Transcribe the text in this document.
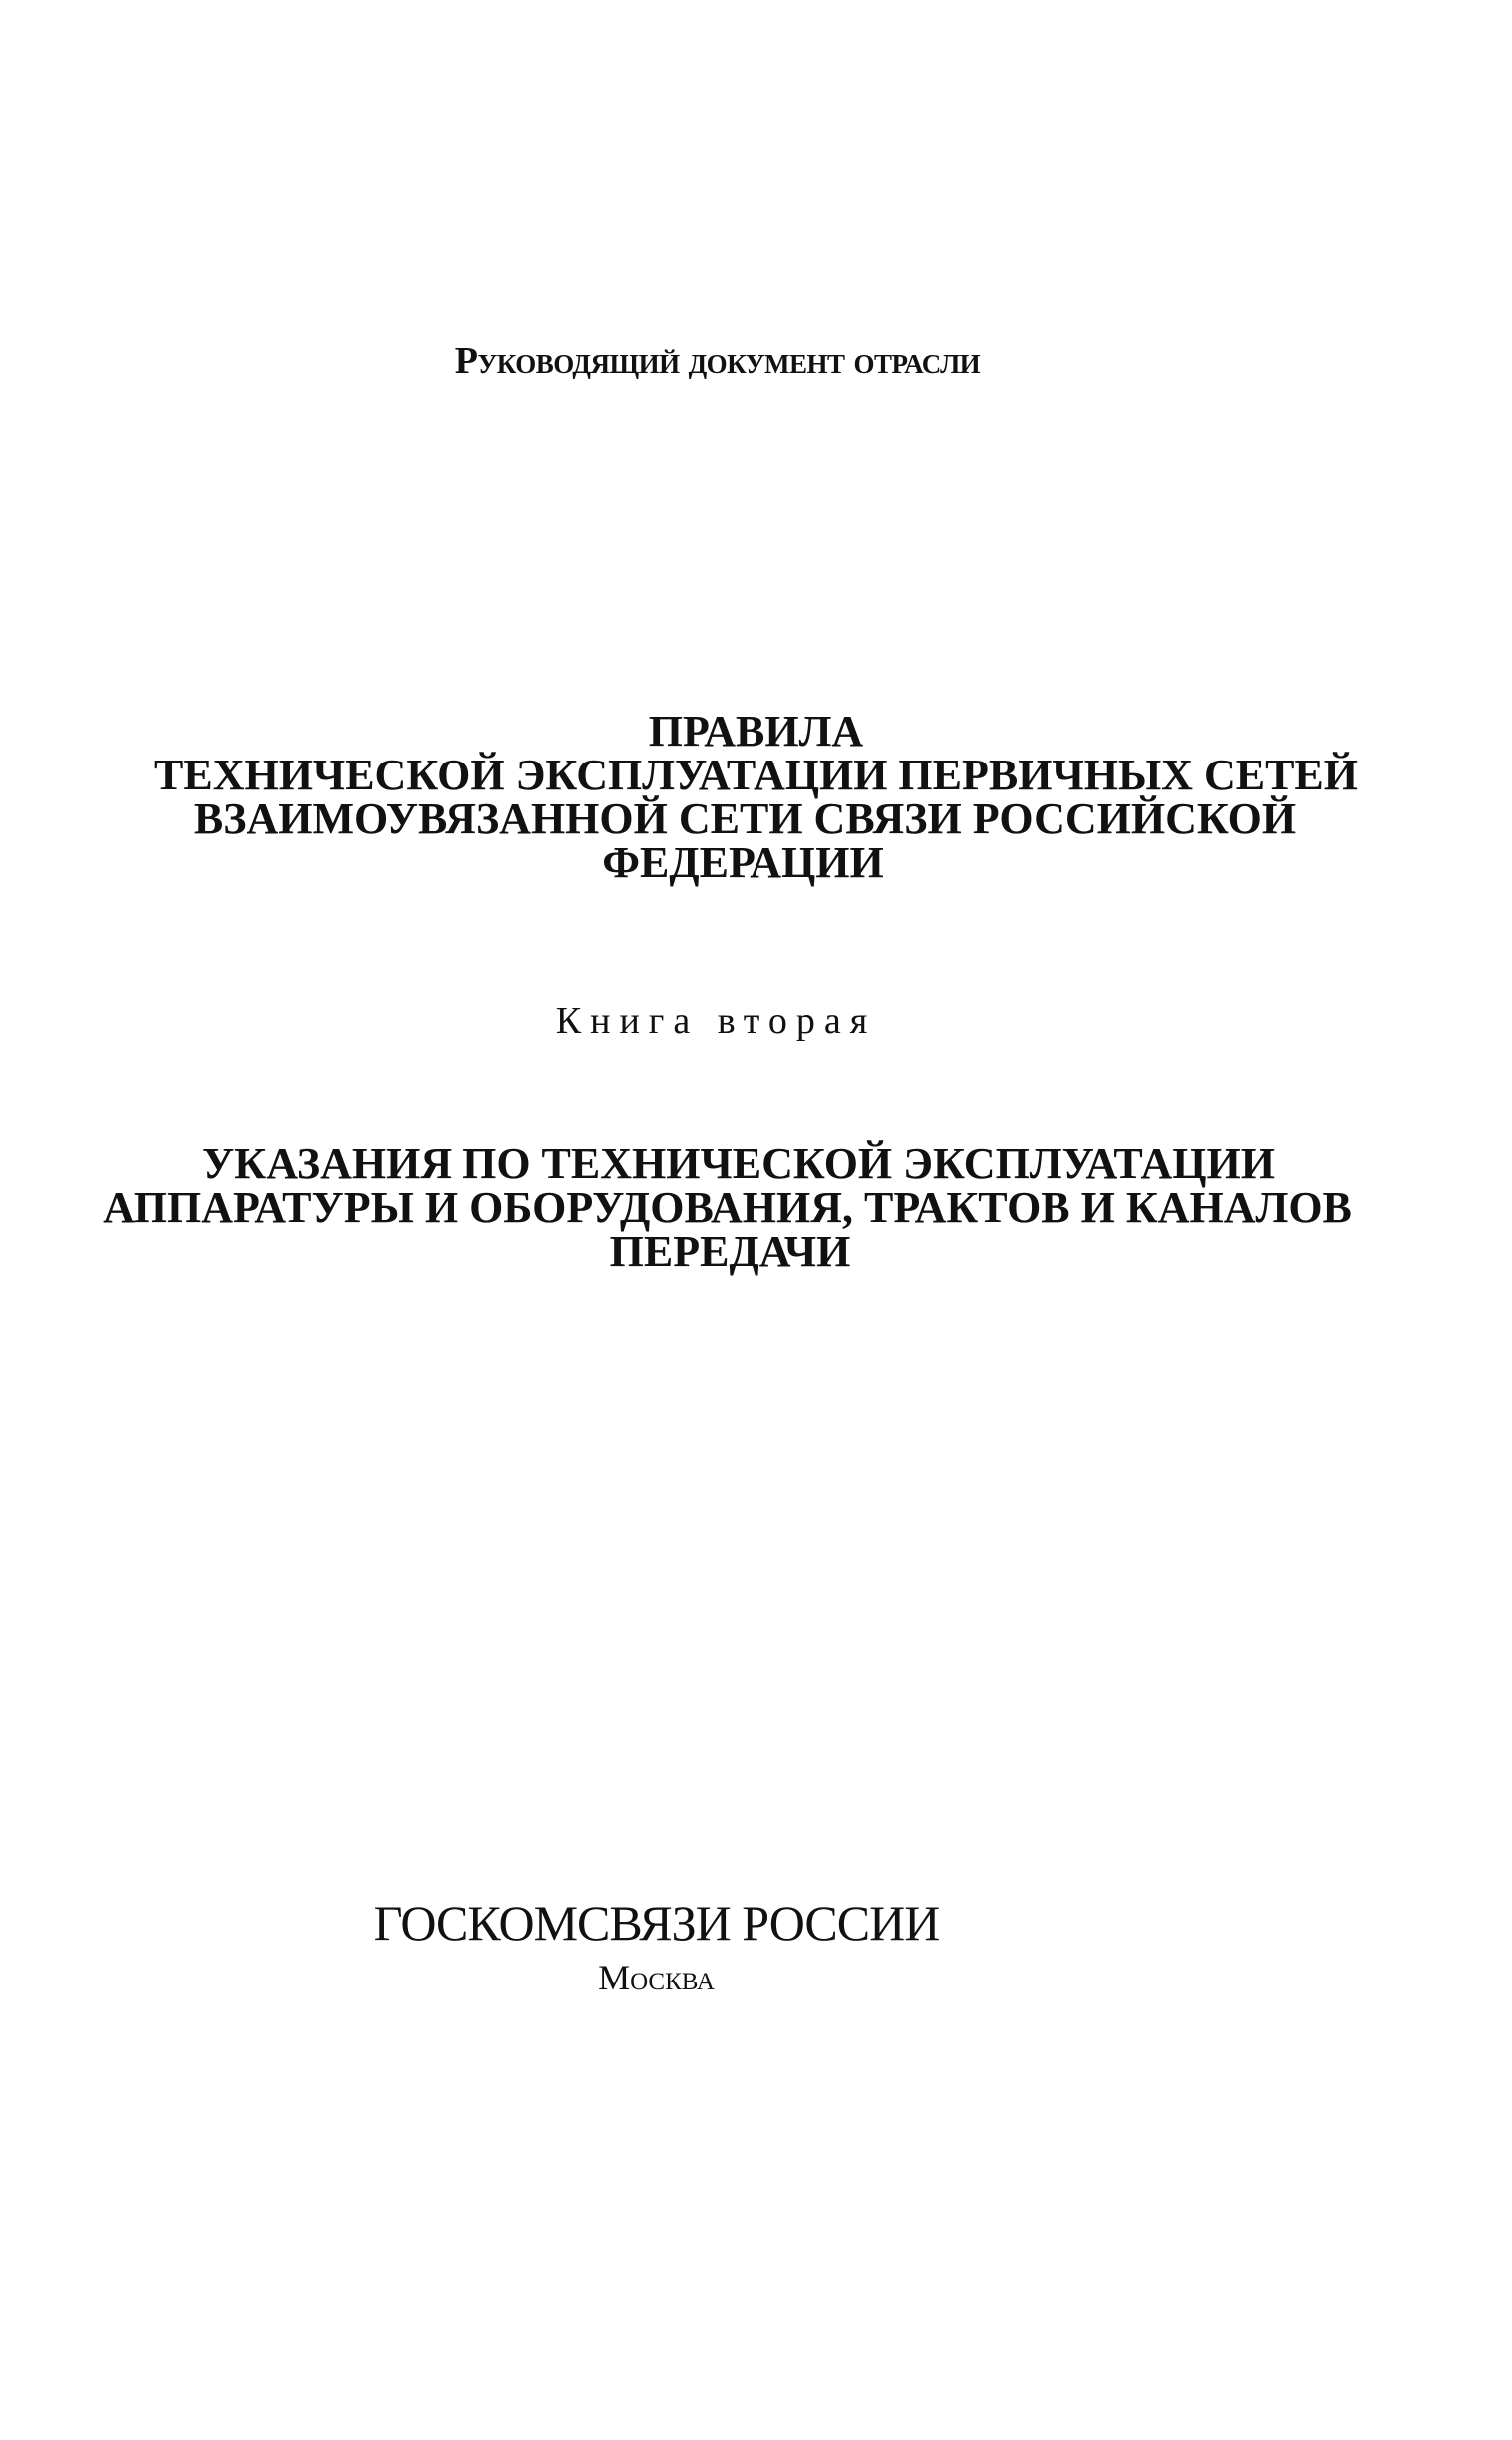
Руководящий документ отрасли
ПРАВИЛА
ТЕХНИЧЕСКОЙ ЭКСПЛУАТАЦИИ ПЕРВИЧНЫХ СЕТЕЙ
ВЗАИМОУВЯЗАННОЙ СЕТИ СВЯЗИ РОССИЙСКОЙ
ФЕДЕРАЦИИ
Книга вторая
УКАЗАНИЯ ПО ТЕХНИЧЕСКОЙ ЭКСПЛУАТАЦИИ
АППАРАТУРЫ И ОБОРУДОВАНИЯ, ТРАКТОВ И КАНАЛОВ
ПЕРЕДАЧИ
ГОСКОМСВЯЗИ РОССИИ
Москва
